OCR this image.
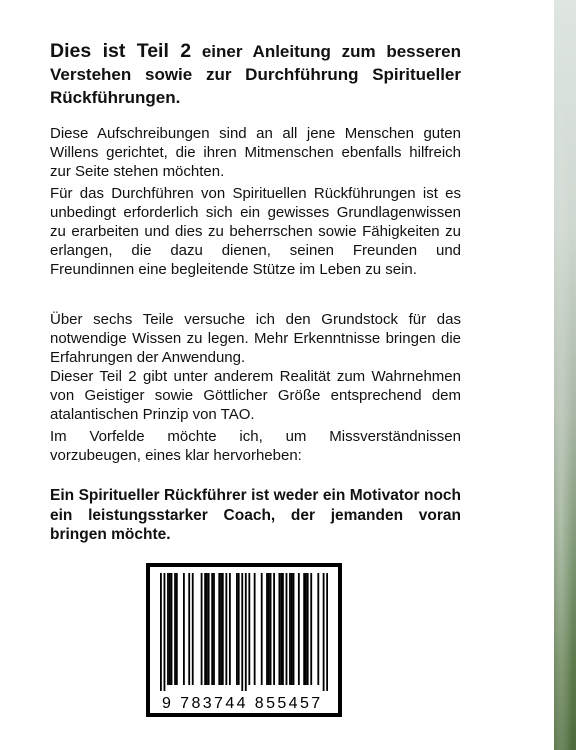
Dies ist Teil 2 einer Anleitung zum besseren Verstehen sowie zur Durchführung Spiritueller Rückführungen.

Diese Aufschreibungen sind an all jene Menschen guten Willens gerichtet, die ihren Mitmenschen ebenfalls hilfreich zur Seite stehen möchten.

Für das Durchführen von Spirituellen Rückführungen ist es unbedingt erforderlich sich ein gewisses Grundlagenwissen zu erarbeiten und dies zu beherrschen sowie Fähigkeiten zu erlangen, die dazu dienen, seinen Freunden und Freundinnen eine begleitende Stütze im Leben zu sein.

Über sechs Teile versuche ich den Grundstock für das notwendige Wissen zu legen. Mehr Erkenntnisse bringen die Erfahrungen der Anwendung.
Dieser Teil 2 gibt unter anderem Realität zum Wahrnehmen von Geistiger sowie Göttlicher Größe entsprechend dem atalantischen Prinzip von TAO.

Im Vorfelde möchte ich, um Missverständnissen vorzubeugen, eines klar hervorheben:

Ein Spiritueller Rückführer ist weder ein Motivator noch ein leistungsstarker Coach, der jemanden voran bringen möchte.

9 783744 855457
